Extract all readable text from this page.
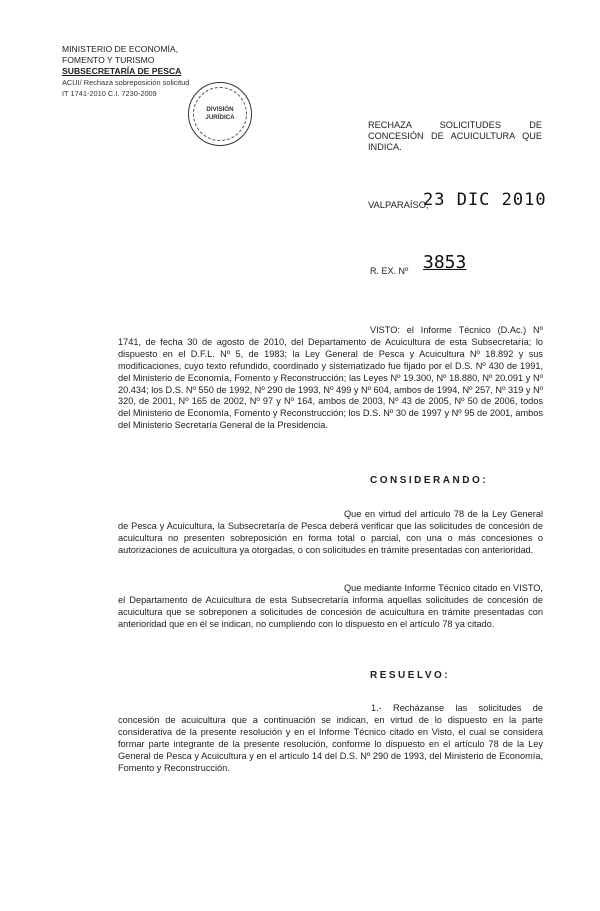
MINISTERIO DE ECONOMÍA,
FOMENTO Y TURISMO
SUBSECRETARÍA DE PESCA
ACUI/ Rechaza sobreposición solicitud
IT 1741-2010 C.I. 7230-2009
DIVISIÓN
JURÍDICA
RECHAZA SOLICITUDES DE CONCESIÓN DE ACUICULTURA QUE INDICA.
VALPARAÍSO,
23 DIC 2010
R. EX. Nº 3853
VISTO: el Informe Técnico (D.Ac.) Nº 1741, de fecha 30 de agosto de 2010, del Departamento de Acuicultura de esta Subsecretaría; lo dispuesto en el D.F.L. Nº 5, de 1983; la Ley General de Pesca y Acuicultura Nº 18.892 y sus modificaciones, cuyo texto refundido, coordinado y sistematizado fue fijado por el D.S. Nº 430 de 1991, del Ministerio de Economía, Fomento y Reconstrucción; las Leyes Nº 19.300, Nº 18.880, Nº 20.091 y Nº 20.434; los D.S. Nº 550 de 1992, Nº 290 de 1993, Nº 499 y Nº 604, ambos de 1994, Nº 257, Nº 319 y Nº 320, de 2001, Nº 165 de 2002, Nº 97 y Nº 164, ambos de 2003, Nº 43 de 2005, Nº 50 de 2006, todos del Ministerio de Economía, Fomento y Reconstrucción; los D.S. Nº 30 de 1997 y Nº 95 de 2001, ambos del Ministerio Secretaría General de la Presidencia.
CONSIDERANDO:
Que en virtud del artículo 78 de la Ley General de Pesca y Acuicultura, la Subsecretaría de Pesca deberá verificar que las solicitudes de concesión de acuicultura no presenten sobreposición en forma total o parcial, con una o más concesiones o autorizaciones de acuicultura ya otorgadas, o con solicitudes en trámite presentadas con anterioridad.
Que mediante Informe Técnico citado en VISTO, el Departamento de Acuicultura de esta Subsecretaría informa aquellas solicitudes de concesión de acuicultura que se sobreponen a solicitudes de concesión de acuicultura en trámite presentadas con anterioridad que en él se indican, no cumpliendo con lo dispuesto en el artículo 78 ya citado.
RESUELVO:
1.- Recházanse las solicitudes de concesión de acuicultura que a continuación se indican, en virtud de lo dispuesto en la parte considerativa de la presente resolución y en el Informe Técnico citado en Visto, el cual se considera formar parte integrante de la presente resolución, conforme lo dispuesto en el artículo 78 de la Ley General de Pesca y Acuicultura y en el artículo 14 del D.S. Nº 290 de 1993, del Ministerio de Economía, Fomento y Reconstrucción.
